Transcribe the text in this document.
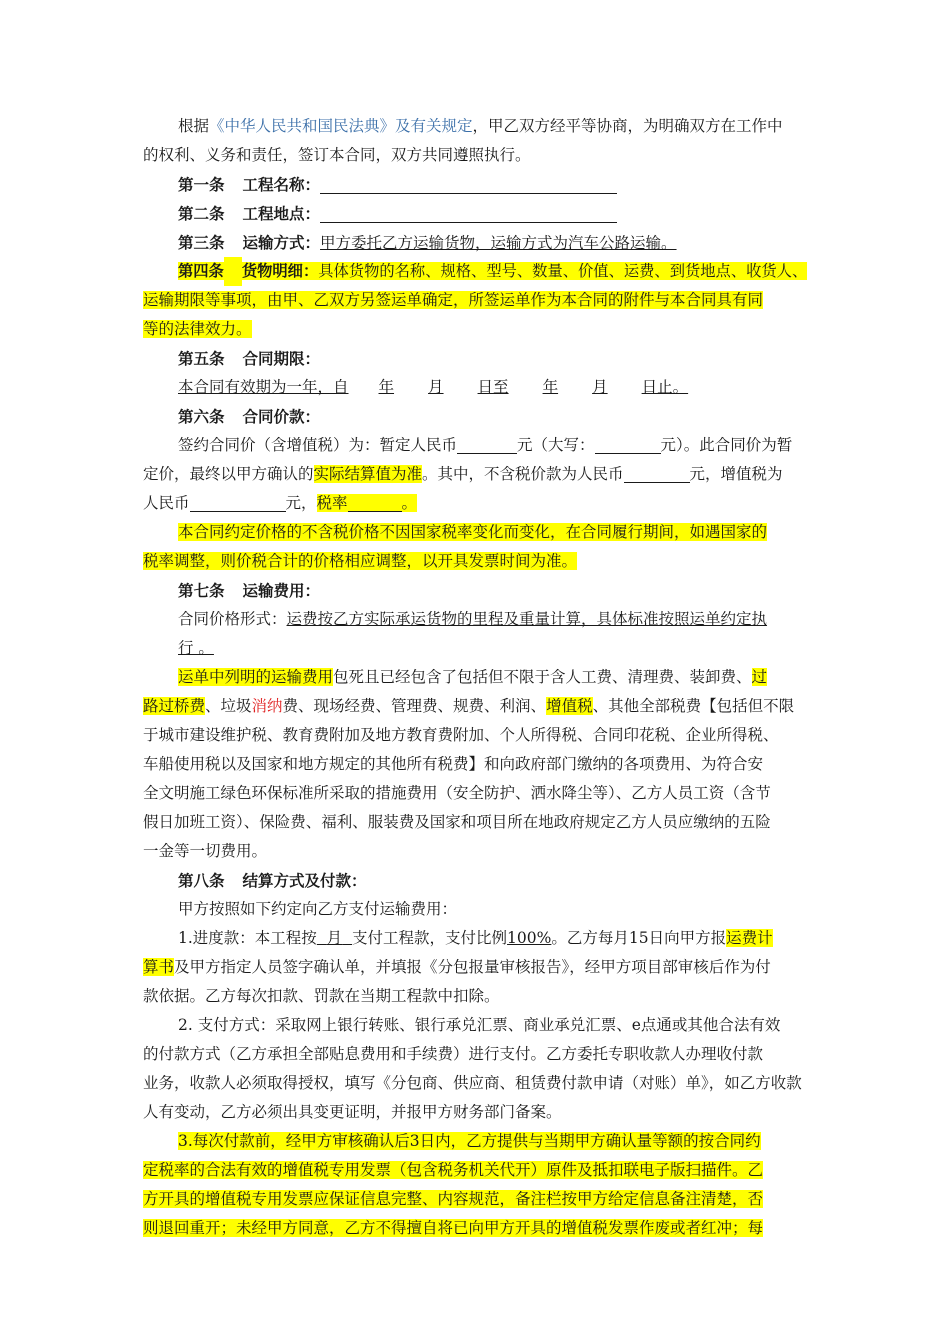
根据《中华人民共和国民法典》及有关规定，甲乙双方经平等协商，为明确双方在工作中
的权利、义务和责任，签订本合同，双方共同遵照执行。
第一条 工程名称：
第二条 工程地点：
第三条 运输方式：甲方委托乙方运输货物，运输方式为汽车公路运输。
第四条 货物明细：具体货物的名称、规格、型号、数量、价值、运费、到货地点、收货人、
运输期限等事项，由甲、乙双方另签运单确定，所签运单作为本合同的附件与本合同具有同
等的法律效力。
第五条 合同期限：
本合同有效期为一年，自 年 月 日至 年 月 日止。
第六条 合同价款：
签约合同价（含增值税）为：暂定人民币	元（大写：	元）。此合同价为暂
定价，最终以甲方确认的实际结算值为准。其中，不含税价款为人民币	元，增值税为
人民币	元，税率	。
本合同约定价格的不含税价格不因国家税率变化而变化，在合同履行期间，如遇国家的
税率调整，则价税合计的价格相应调整，以开具发票时间为准。
第七条 运输费用：
合同价格形式：运费按乙方实际承运货物的里程及重量计算，具体标准按照运单约定执
行 。
运单中列明的运输费用包死且已经包含了包括但不限于含人工费、清理费、装卸费、过
路过桥费、垃圾消纳费、现场经费、管理费、规费、利润、增值税、其他全部税费【包括但不限
于城市建设维护税、教育费附加及地方教育费附加、个人所得税、合同印花税、企业所得税、
车船使用税以及国家和地方规定的其他所有税费】和向政府部门缴纳的各项费用、为符合安
全文明施工绿色环保标准所采取的措施费用（安全防护、洒水降尘等）、乙方人员工资（含节
假日加班工资）、保险费、福利、服装费及国家和项目所在地政府规定乙方人员应缴纳的五险
一金等一切费用。
第八条 结算方式及付款：
甲方按照如下约定向乙方支付运输费用：
1.进度款：本工程按 月 支付工程款，支付比例100%。乙方每月15日向甲方报运费计
算书及甲方指定人员签字确认单，并填报《分包报量审核报告》，经甲方项目部审核后作为付
款依据。乙方每次扣款、罚款在当期工程款中扣除。
2. 支付方式：采取网上银行转账、银行承兑汇票、商业承兑汇票、e点通或其他合法有效
的付款方式（乙方承担全部贴息费用和手续费）进行支付。乙方委托专职收款人办理收付款
业务，收款人必须取得授权，填写《分包商、供应商、租赁费付款申请（对账）单》，如乙方收款
人有变动，乙方必须出具变更证明，并报甲方财务部门备案。
3.每次付款前，经甲方审核确认后3日内，乙方提供与当期甲方确认量等额的按合同约
定税率的合法有效的增值税专用发票（包含税务机关代开）原件及抵扣联电子版扫描件。乙
方开具的增值税专用发票应保证信息完整、内容规范，备注栏按甲方给定信息备注清楚，否
则退回重开；未经甲方同意，乙方不得擅自将已向甲方开具的增值税发票作废或者红冲；每
